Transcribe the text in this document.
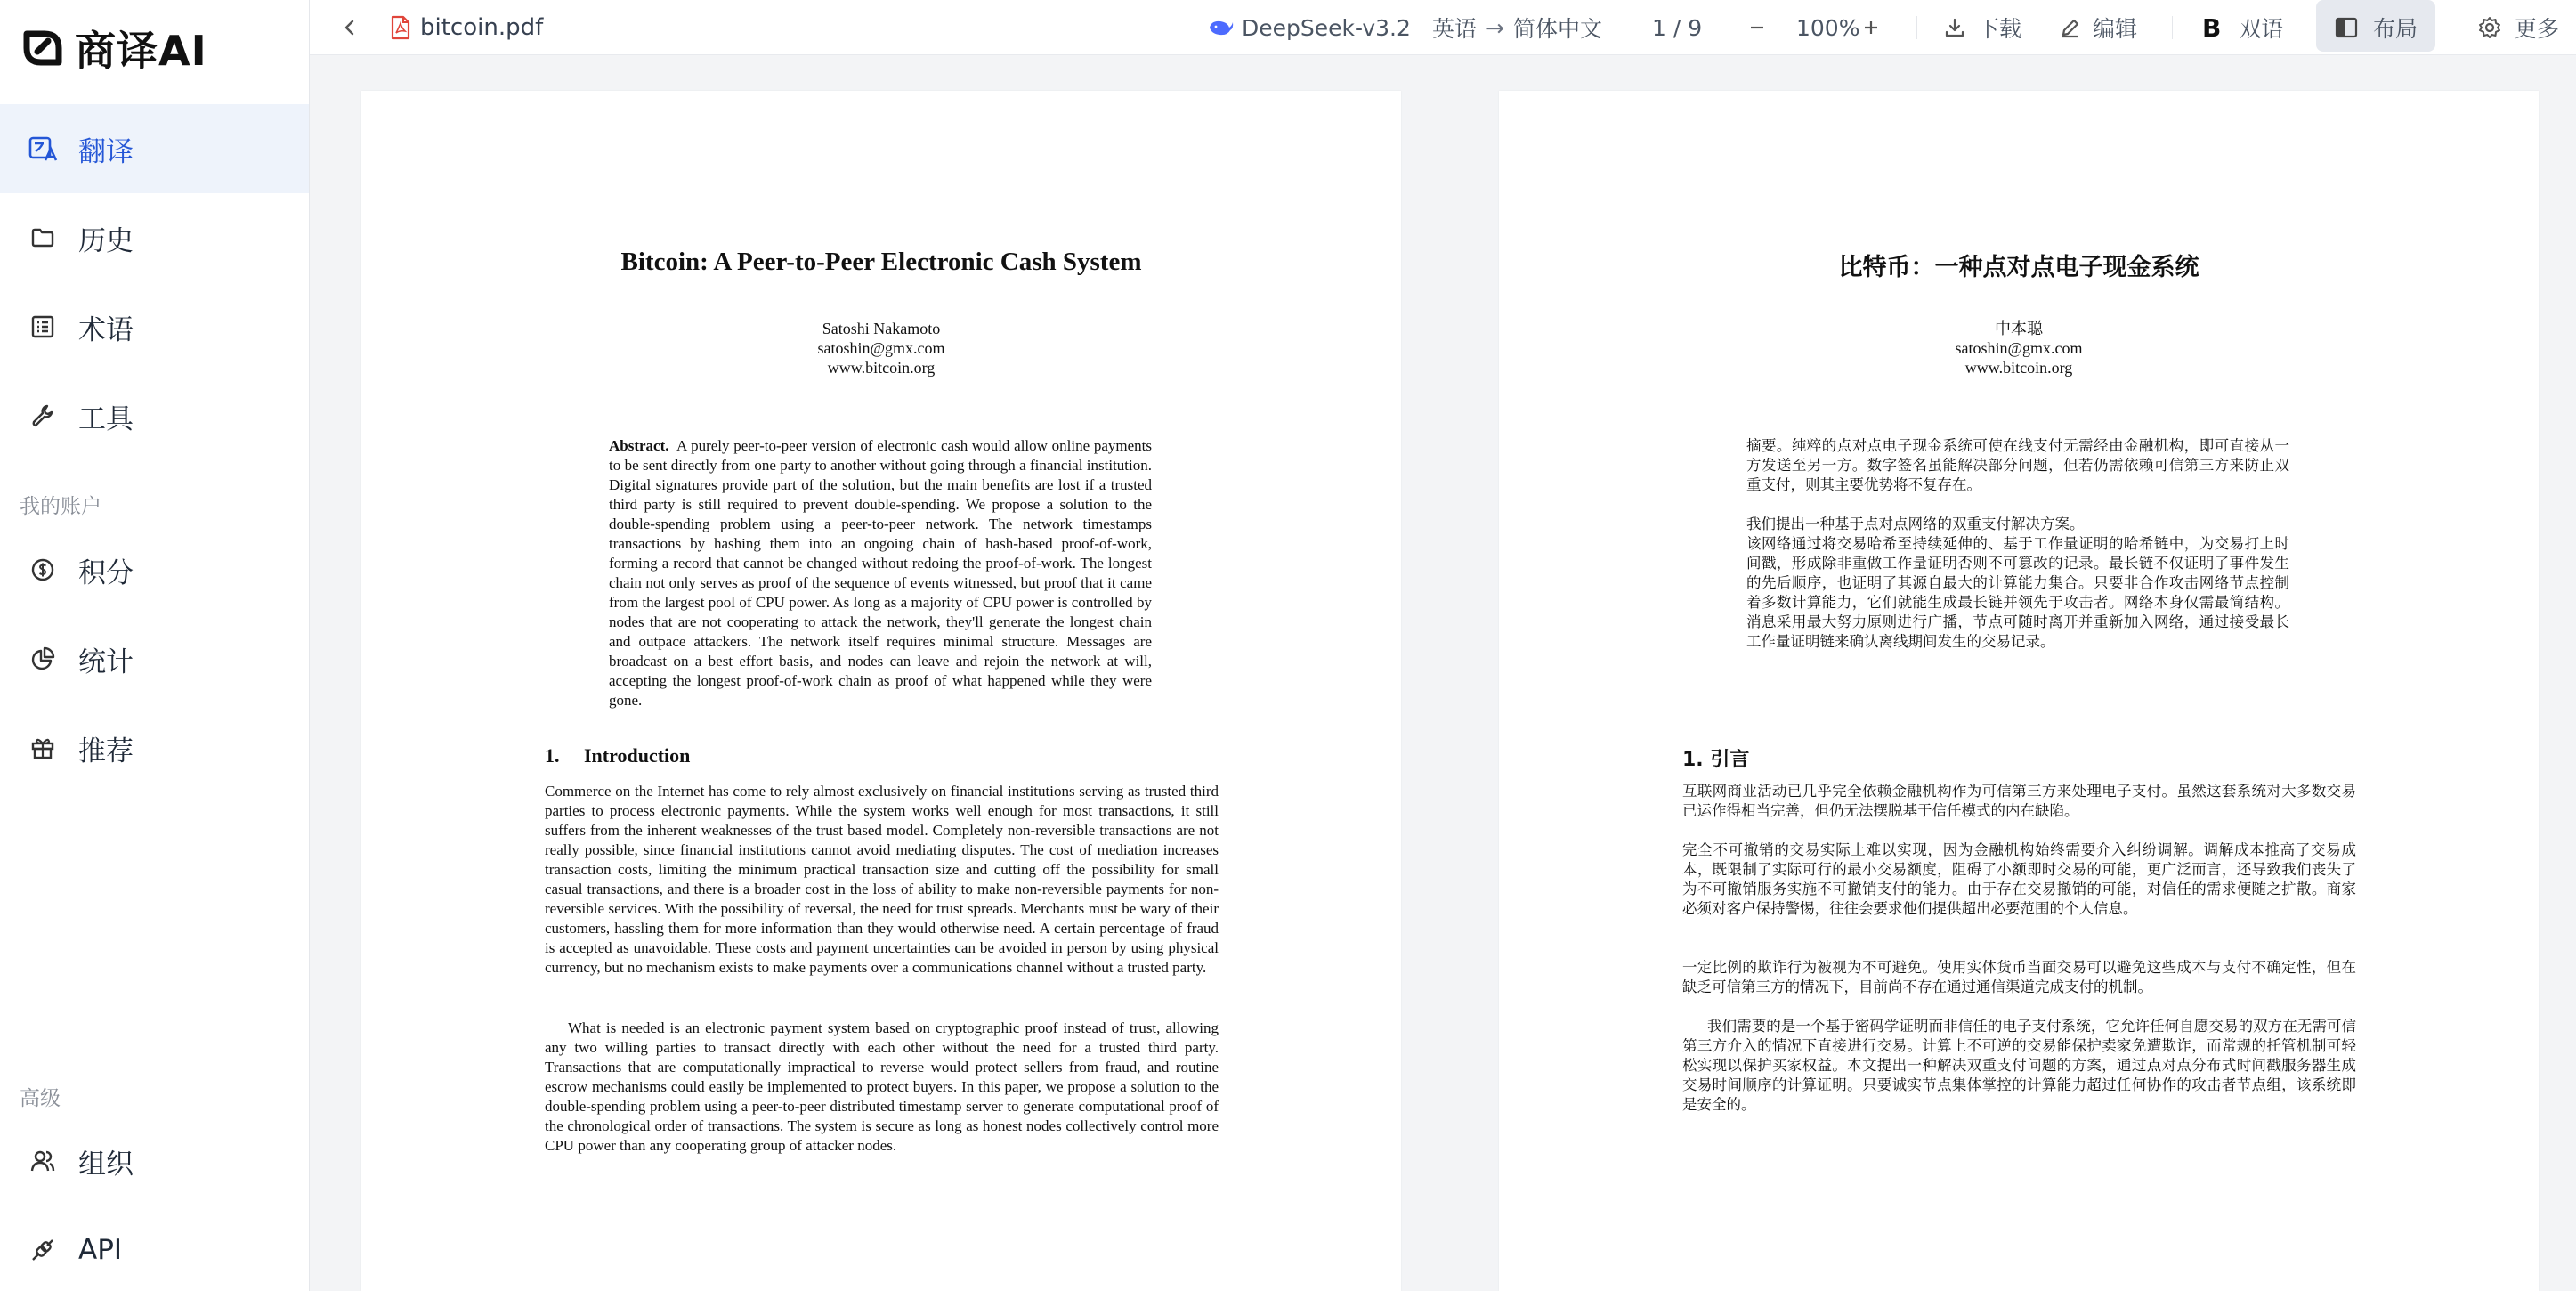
商译AI
翻译
历史
术语
工具
我的账户
积分
统计
推荐
高级
组织
API
bitcoin.pdf	DeepSeek-v3.2 英语 → 简体中文 1 / 9	100%	下载	编辑	B 双语	布局	更多
Bitcoin: A Peer-to-Peer Electronic Cash System
Satoshi Nakamoto
satoshin@gmx.com
www.bitcoin.org
Abstract. A purely peer-to-peer version of electronic cash would allow online payments to be sent directly from one party to another without going through a financial institution. Digital signatures provide part of the solution, but the main benefits are lost if a trusted third party is still required to prevent double-spending. We propose a solution to the double-spending problem using a peer-to-peer network. The network timestamps transactions by hashing them into an ongoing chain of hash-based proof-of-work, forming a record that cannot be changed without redoing the proof-of-work. The longest chain not only serves as proof of the sequence of events witnessed, but proof that it came from the largest pool of CPU power. As long as a majority of CPU power is controlled by nodes that are not cooperating to attack the network, they'll generate the longest chain and outpace attackers. The network itself requires minimal structure. Messages are broadcast on a best effort basis, and nodes can leave and rejoin the network at will, accepting the longest proof-of-work chain as proof of what happened while they were gone.
1. Introduction
Commerce on the Internet has come to rely almost exclusively on financial institutions serving as trusted third parties to process electronic payments. While the system works well enough for most transactions, it still suffers from the inherent weaknesses of the trust based model. Completely non-reversible transactions are not really possible, since financial institutions cannot avoid mediating disputes. The cost of mediation increases transaction costs, limiting the minimum practical transaction size and cutting off the possibility for small casual transactions, and there is a broader cost in the loss of ability to make non-reversible payments for non-reversible services. With the possibility of reversal, the need for trust spreads. Merchants must be wary of their customers, hassling them for more information than they would otherwise need. A certain percentage of fraud is accepted as unavoidable. These costs and payment uncertainties can be avoided in person by using physical currency, but no mechanism exists to make payments over a communications channel without a trusted party.
What is needed is an electronic payment system based on cryptographic proof instead of trust, allowing any two willing parties to transact directly with each other without the need for a trusted third party. Transactions that are computationally impractical to reverse would protect sellers from fraud, and routine escrow mechanisms could easily be implemented to protect buyers. In this paper, we propose a solution to the double-spending problem using a peer-to-peer distributed timestamp server to generate computational proof of the chronological order of transactions. The system is secure as long as honest nodes collectively control more CPU power than any cooperating group of attacker nodes.
比特币：一种点对点电子现金系统
中本聪
satoshin@gmx.com
www.bitcoin.org
摘要。纯粹的点对点电子现金系统可使在线支付无需经由金融机构，即可直接从一方发送至另一方。数字签名虽能解决部分问题，但若仍需依赖可信第三方来防止双重支付，则其主要优势将不复存在。
我们提出一种基于点对点网络的双重支付解决方案。
该网络通过将交易哈希至持续延伸的、基于工作量证明的哈希链中，为交易打上时间戳，形成除非重做工作量证明否则不可篡改的记录。最长链不仅证明了事件发生的先后顺序，也证明了其源自最大的计算能力集合。只要非合作攻击网络节点控制着多数计算能力，它们就能生成最长链并领先于攻击者。网络本身仅需最简结构。消息采用最大努力原则进行广播，节点可随时离开并重新加入网络，通过接受最长工作量证明链来确认离线期间发生的交易记录。
1. 引言
互联网商业活动已几乎完全依赖金融机构作为可信第三方来处理电子支付。虽然这套系统对大多数交易已运作得相当完善，但仍无法摆脱基于信任模式的内在缺陷。
完全不可撤销的交易实际上难以实现，因为金融机构始终需要介入纠纷调解。调解成本推高了交易成本，既限制了实际可行的最小交易额度，阻碍了小额即时交易的可能，更广泛而言，还导致我们丧失了为不可撤销服务实施不可撤销支付的能力。由于存在交易撤销的可能，对信任的需求便随之扩散。商家必须对客户保持警惕，往往会要求他们提供超出必要范围的个人信息。
一定比例的欺诈行为被视为不可避免。使用实体货币当面交易可以避免这些成本与支付不确定性，但在缺乏可信第三方的情况下，目前尚不存在通过通信渠道完成支付的机制。
我们需要的是一个基于密码学证明而非信任的电子支付系统，它允许任何自愿交易的双方在无需可信第三方介入的情况下直接进行交易。计算上不可逆的交易能保护卖家免遭欺诈，而常规的托管机制可轻松实现以保护买家权益。本文提出一种解决双重支付问题的方案，通过点对点分布式时间戳服务器生成交易时间顺序的计算证明。只要诚实节点集体掌控的计算能力超过任何协作的攻击者节点组，该系统即是安全的。
